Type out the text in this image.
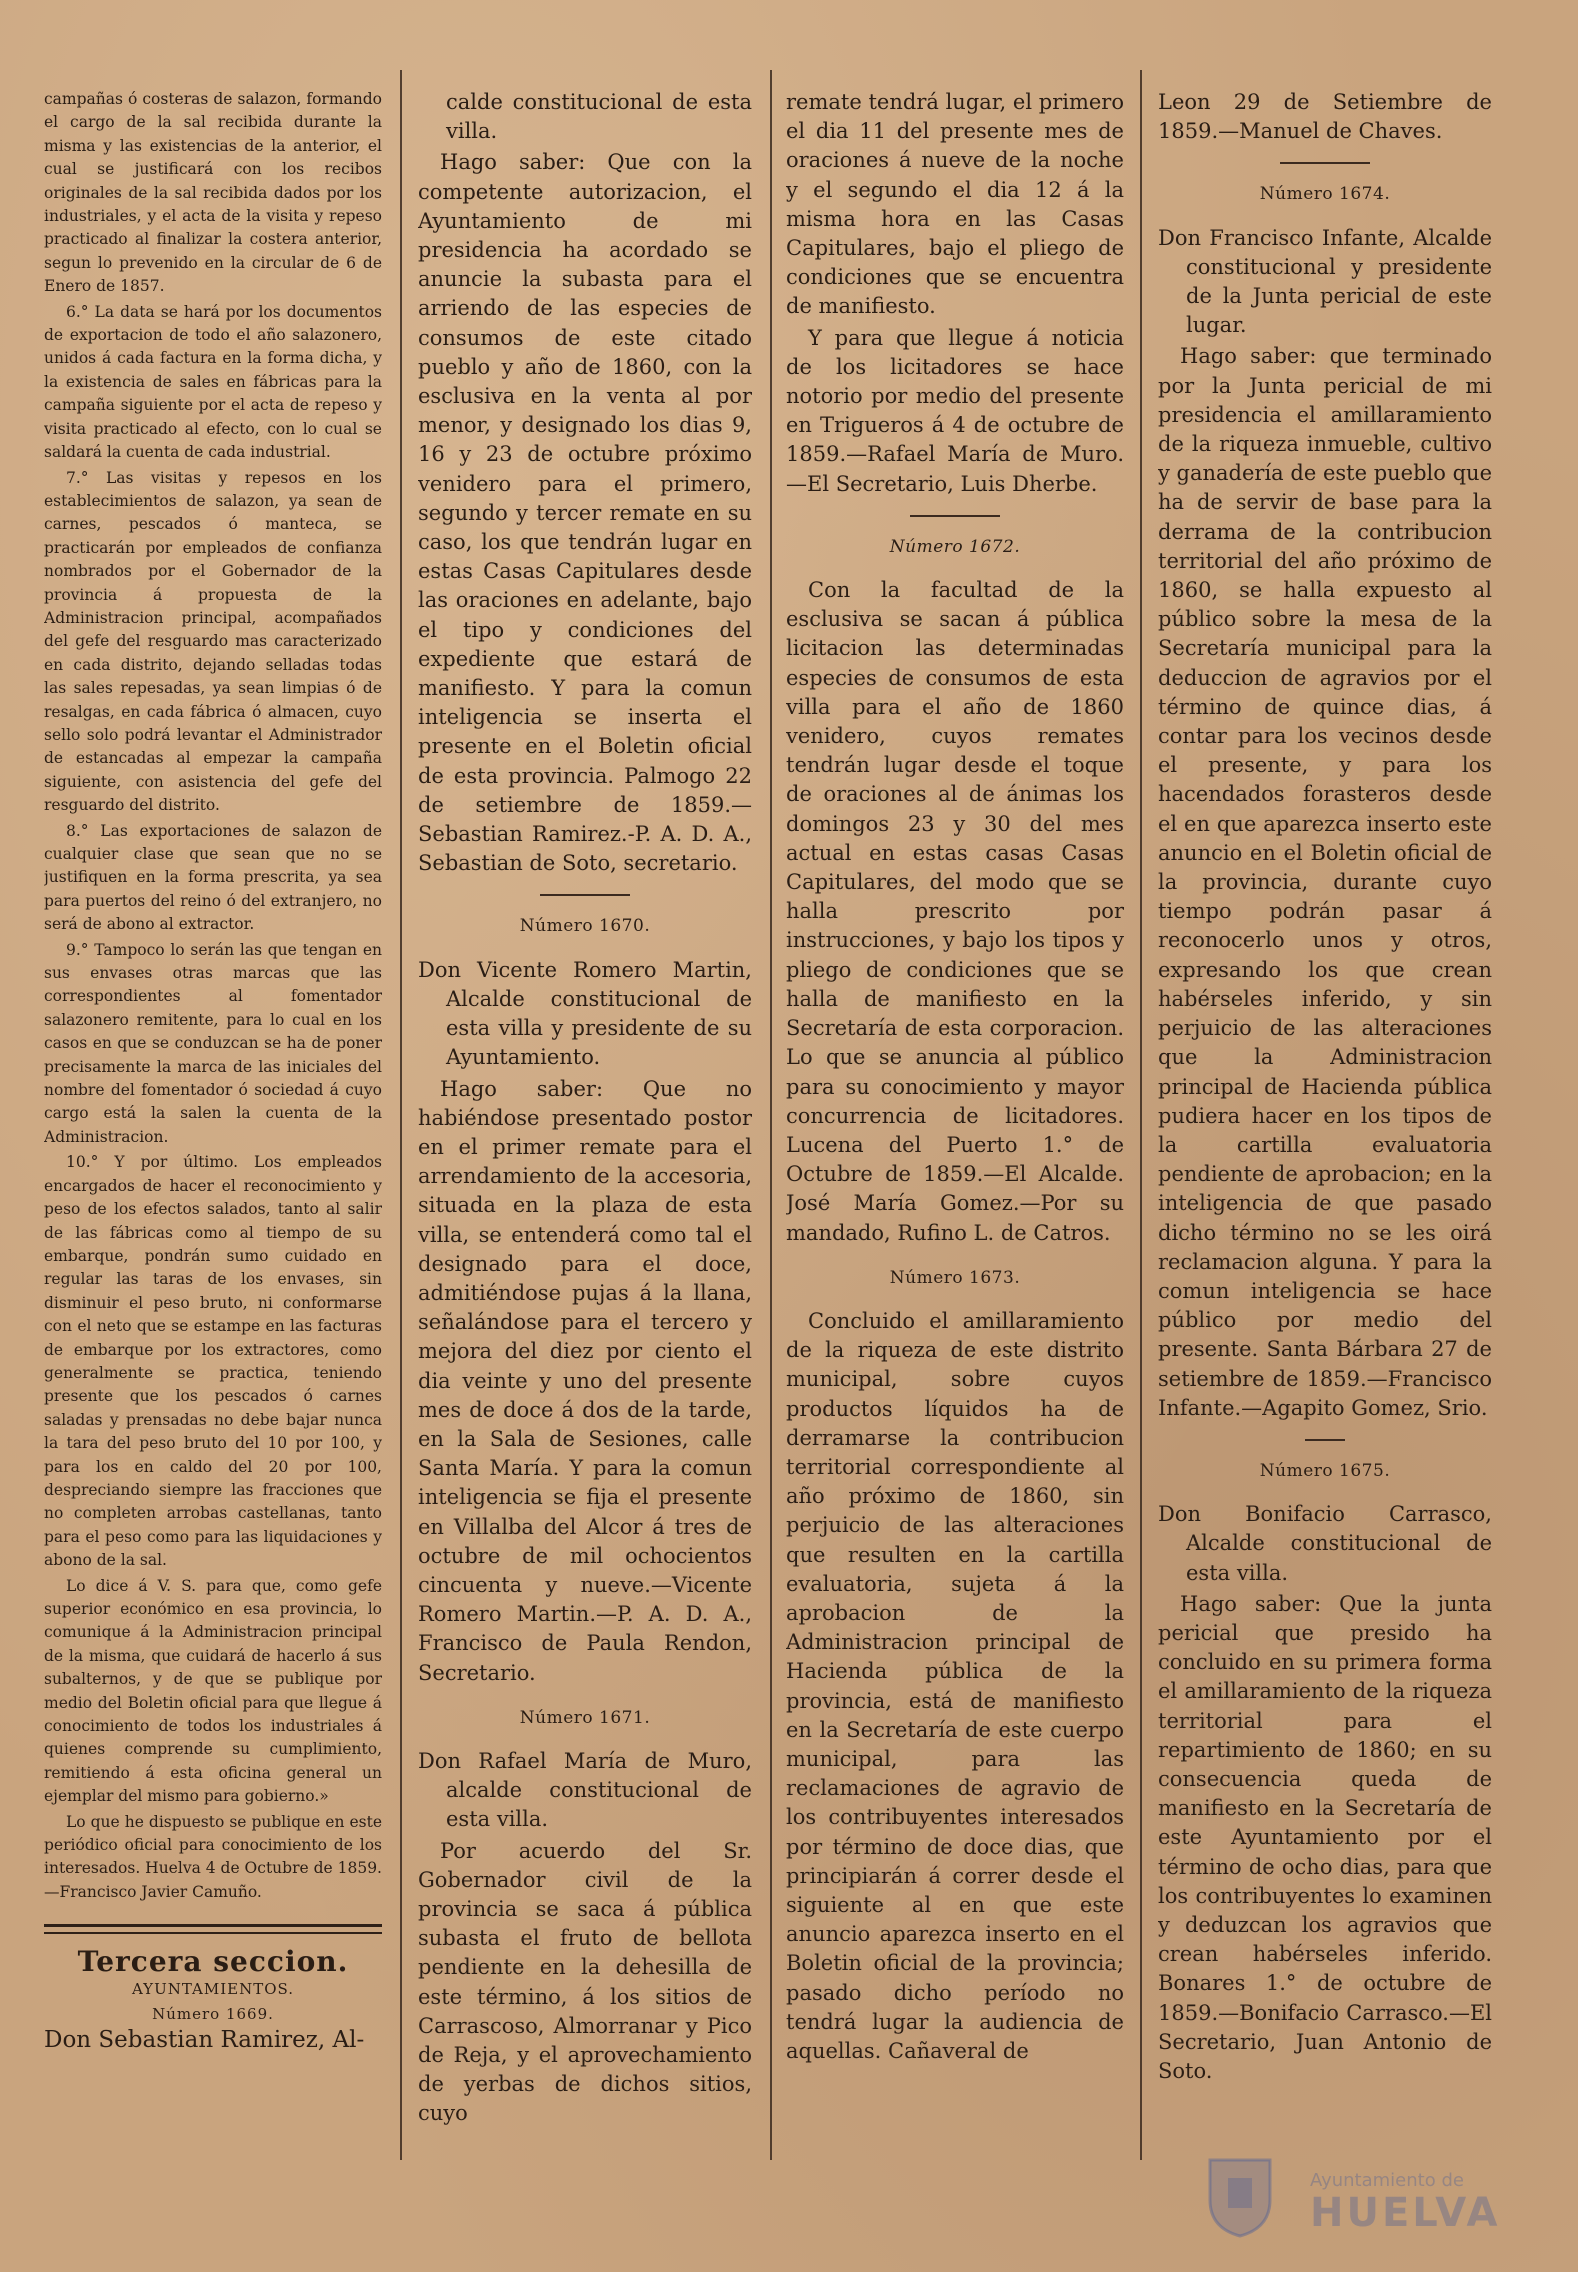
campañas ó costeras de salazon, formando el cargo de la sal recibida durante la misma y las existencias de la anterior, el cual se justificará con los recibos originales de la sal recibida dados por los industriales, y el acta de la visita y repeso practicado al finalizar la costera anterior, segun lo prevenido en la circular de 6 de Enero de 1857.

6.° La data se hará por los documentos de exportacion de todo el año salazonero, unidos á cada factura en la forma dicha, y la existencia de sales en fábricas para la campaña siguiente por el acta de repeso y visita practicado al efecto, con lo cual se saldará la cuenta de cada industrial.

7.° Las visitas y repesos en los establecimientos de salazon, ya sean de carnes, pescados ó manteca, se practicarán por empleados de confianza nombrados por el Gobernador de la provincia á propuesta de la Administracion principal, acompañados del gefe del resguardo mas caracterizado en cada distrito, dejando selladas todas las sales repesadas, ya sean limpias ó de resalgas, en cada fábrica ó almacen, cuyo sello solo podrá levantar el Administrador de estancadas al empezar la campaña siguiente, con asistencia del gefe del resguardo del distrito.

8.° Las exportaciones de salazon de cualquier clase que sean que no se justifiquen en la forma prescrita, ya sea para puertos del reino ó del extranjero, no será de abono al extractor.

9.° Tampoco lo serán las que tengan en sus envases otras marcas que las correspondientes al fomentador salazonero remitente, para lo cual en los casos en que se conduzcan se ha de poner precisamente la marca de las iniciales del nombre del fomentador ó sociedad á cuyo cargo está la salen la cuenta de la Administracion.

10.° Y por último. Los empleados encargados de hacer el reconocimiento y peso de los efectos salados, tanto al salir de las fábricas como al tiempo de su embarque, pondrán sumo cuidado en regular las taras de los envases, sin disminuir el peso bruto, ni conformarse con el neto que se estampe en las facturas de embarque por los extractores, como generalmente se practica, teniendo presente que los pescados ó carnes saladas y prensadas no debe bajar nunca la tara del peso bruto del 10 por 100, y para los en caldo del 20 por 100, despreciando siempre las fracciones que no completen arrobas castellanas, tanto para el peso como para las liquidaciones y abono de la sal.

Lo dice á V. S. para que, como gefe superior económico en esa provincia, lo comunique á la Administracion principal de la misma, que cuidará de hacerlo á sus subalternos, y de que se publique por medio del Boletin oficial para que llegue á conocimiento de todos los industriales á quienes comprende su cumplimiento, remitiendo á esta oficina general un ejemplar del mismo para gobierno.»

Lo que he dispuesto se publique en este periódico oficial para conocimiento de los interesados. Huelva 4 de Octubre de 1859.—Francisco Javier Camuño.

Tercera seccion.
AYUNTAMIENTOS.
Número 1669.
Don Sebastian Ramirez, Al-

calde constitucional de esta villa.

Hago saber: Que con la competente autorizacion, el Ayuntamiento de mi presidencia ha acordado se anuncie la subasta para el arriendo de las especies de consumos de este citado pueblo y año de 1860, con la esclusiva en la venta al por menor, y designado los dias 9, 16 y 23 de octubre próximo venidero para el primero, segundo y tercer remate en su caso, los que tendrán lugar en estas Casas Capitulares desde las oraciones en adelante, bajo el tipo y condiciones del expediente que estará de manifiesto. Y para la comun inteligencia se inserta el presente en el Boletin oficial de esta provincia. Palmogo 22 de setiembre de 1859.—Sebastian Ramirez.-P. A. D. A., Sebastian de Soto, secretario.

Número 1670.

Don Vicente Romero Martin, Alcalde constitucional de esta villa y presidente de su Ayuntamiento.

Hago saber: Que no habiéndose presentado postor en el primer remate para el arrendamiento de la accesoria, situada en la plaza de esta villa, se entenderá como tal el designado para el doce, admitiéndose pujas á la llana, señalándose para el tercero y mejora del diez por ciento el dia veinte y uno del presente mes de doce á dos de la tarde, en la Sala de Sesiones, calle Santa María. Y para la comun inteligencia se fija el presente en Villalba del Alcor á tres de octubre de mil ochocientos cincuenta y nueve.—Vicente Romero Martin.—P. A. D. A., Francisco de Paula Rendon, Secretario.

Número 1671.

Don Rafael María de Muro, alcalde constitucional de esta villa.

Por acuerdo del Sr. Gobernador civil de la provincia se saca á pública subasta el fruto de bellota pendiente en la dehesilla de este término, á los sitios de Carrascoso, Almorranar y Pico de Reja, y el aprovechamiento de yerbas de dichos sitios, cuyo

remate tendrá lugar, el primero el dia 11 del presente mes de oraciones á nueve de la noche y el segundo el dia 12 á la misma hora en las Casas Capitulares, bajo el pliego de condiciones que se encuentra de manifiesto.

Y para que llegue á noticia de los licitadores se hace notorio por medio del presente en Trigueros á 4 de octubre de 1859.—Rafael María de Muro.—El Secretario, Luis Dherbe.

Número 1672.

Con la facultad de la esclusiva se sacan á pública licitacion las determinadas especies de consumos de esta villa para el año de 1860 venidero, cuyos remates tendrán lugar desde el toque de oraciones al de ánimas los domingos 23 y 30 del mes actual en estas casas Casas Capitulares, del modo que se halla prescrito por instrucciones, y bajo los tipos y pliego de condiciones que se halla de manifiesto en la Secretaría de esta corporacion. Lo que se anuncia al público para su conocimiento y mayor concurrencia de licitadores. Lucena del Puerto 1.° de Octubre de 1859.—El Alcalde. José María Gomez.—Por su mandado, Rufino L. de Catros.

Número 1673.

Concluido el amillaramiento de la riqueza de este distrito municipal, sobre cuyos productos líquidos ha de derramarse la contribucion territorial correspondiente al año próximo de 1860, sin perjuicio de las alteraciones que resulten en la cartilla evaluatoria, sujeta á la aprobacion de la Administracion principal de Hacienda pública de la provincia, está de manifiesto en la Secretaría de este cuerpo municipal, para las reclamaciones de agravio de los contribuyentes interesados por término de doce dias, que principiarán á correr desde el siguiente al en que este anuncio aparezca inserto en el Boletin oficial de la provincia; pasado dicho período no tendrá lugar la audiencia de aquellas. Cañaveral de

Leon 29 de Setiembre de 1859.—Manuel de Chaves.

Número 1674.

Don Francisco Infante, Alcalde constitucional y presidente de la Junta pericial de este lugar.

Hago saber: que terminado por la Junta pericial de mi presidencia el amillaramiento de la riqueza inmueble, cultivo y ganadería de este pueblo que ha de servir de base para la derrama de la contribucion territorial del año próximo de 1860, se halla expuesto al público sobre la mesa de la Secretaría municipal para la deduccion de agravios por el término de quince dias, á contar para los vecinos desde el presente, y para los hacendados forasteros desde el en que aparezca inserto este anuncio en el Boletin oficial de la provincia, durante cuyo tiempo podrán pasar á reconocerlo unos y otros, expresando los que crean habérseles inferido, y sin perjuicio de las alteraciones que la Administracion principal de Hacienda pública pudiera hacer en los tipos de la cartilla evaluatoria pendiente de aprobacion; en la inteligencia de que pasado dicho término no se les oirá reclamacion alguna. Y para la comun inteligencia se hace público por medio del presente. Santa Bárbara 27 de setiembre de 1859.—Francisco Infante.—Agapito Gomez, Srio.

Número 1675.

Don Bonifacio Carrasco, Alcalde constitucional de esta villa.

Hago saber: Que la junta pericial que presido ha concluido en su primera forma el amillaramiento de la riqueza territorial para el repartimiento de 1860; en su consecuencia queda de manifiesto en la Secretaría de este Ayuntamiento por el término de ocho dias, para que los contribuyentes lo examinen y deduzcan los agravios que crean habérseles inferido. Bonares 1.° de octubre de 1859.—Bonifacio Carrasco.—El Secretario, Juan Antonio de Soto.

Ayuntamiento de
HUELVA
